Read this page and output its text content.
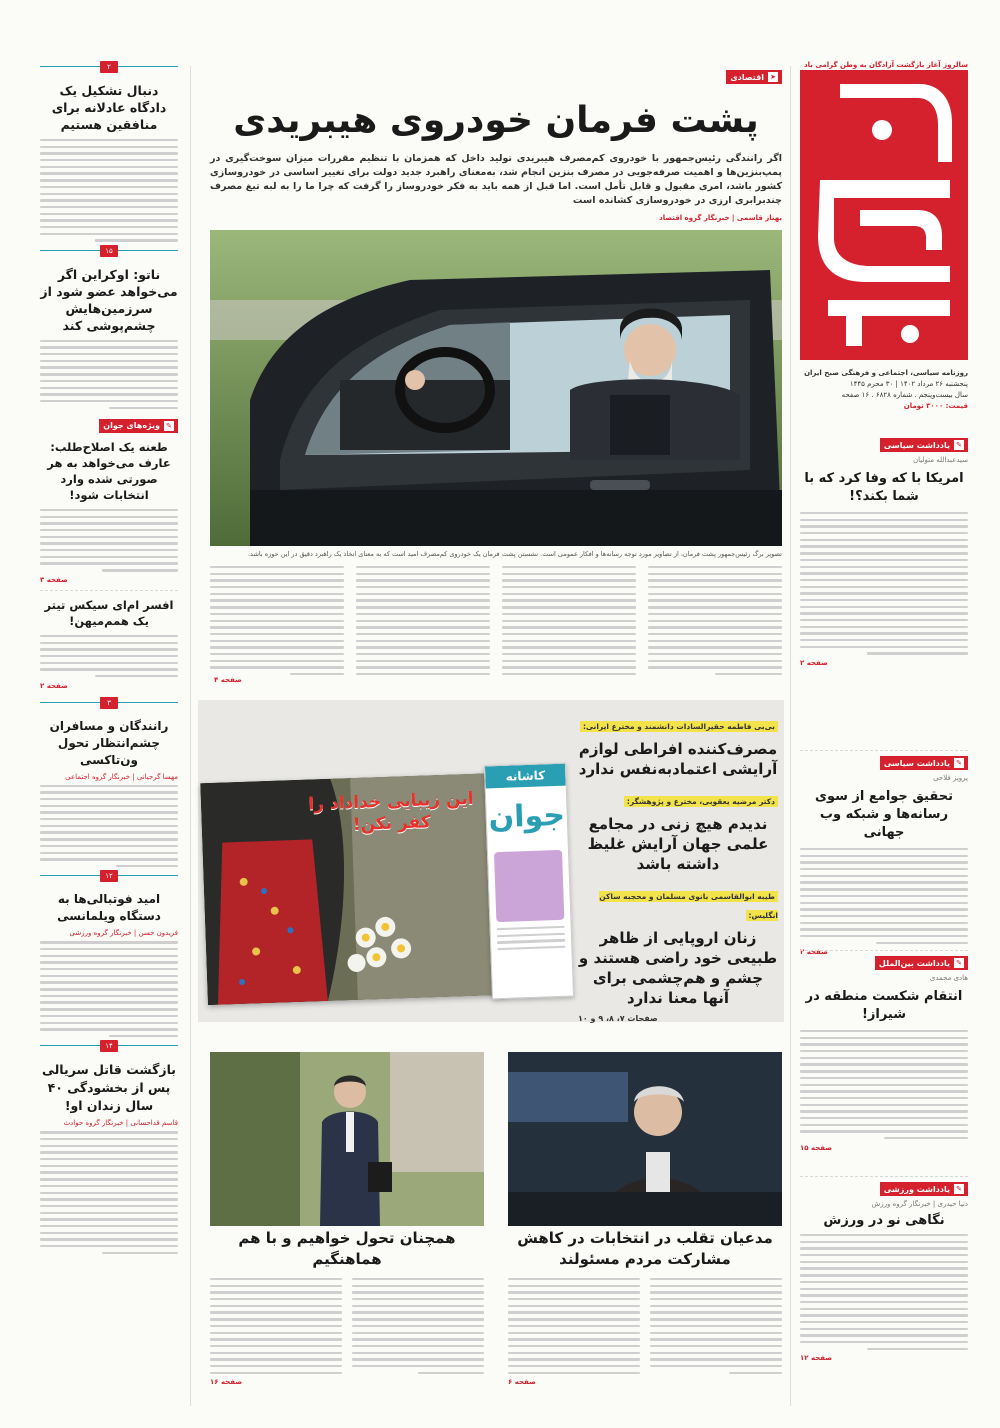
سالروز آغاز بازگشت آزادگان به وطن گرامی باد
روزنامه سیاسی، اجتماعی و فرهنگی صبح ایران
پنجشنبه ۲۶ مرداد ۱۴۰۲ | ۳۰ محرم ۱۴۴۵
سال بیست‌وپنجم . شماره ۶۸۲۸ . ۱۶ صفحه
قیمت: ۳۰۰۰ تومان
✎
یادداشت سیاسی
سیدعبدالله متولیان
امریکا با که وفا کرد که با شما بکند؟!
صفحه ۲
✎
یادداشت سیاسی
پرویز فلاحی
تحقیق جوامع از سوی رسانه‌ها و شبکه وب جهانی
صفحه ۲
✎
یادداشت بین‌الملل
هادی محمدی
انتقام شکست منطقه در شیراز!
صفحه ۱۵
✎
یادداشت ورزشی
دنیا حیدری | خبرنگار گروه ورزش
نگاهی نو در ورزش
صفحه ۱۲
➤
اقتصادی
پشت فرمان خودروی هیبریدی
اگر رانندگی رئیس‌جمهور با خودروی کم‌مصرف هیبریدی تولید داخل که همزمان با تنظیم مقررات میزان سوخت‌گیری در پمپ‌بنزین‌ها و اهمیت صرفه‌جویی در مصرف بنزین انجام شد، به‌معنای راهبرد جدید دولت برای تغییر اساسی در خودروسازی کشور باشد، امری مقبول و قابل تأمل است. اما قبل از همه باید به فکر خودروساز را گرفت که چرا ما را به لبه تیغ مصرف چندبرابری ارزی در خودروسازی کشانده است
بهناز قاسمی | خبرنگار گروه اقتصاد
تصویر برگ رئیس‌جمهور پشت فرمان، از تصاویر مورد توجه رسانه‌ها و افکار عمومی است. نشستن پشت فرمان یک خودروی کم‌مصرف امید است که به معنای اتخاذ یک راهبرد دقیق در این حوزه باشد.
صفحه ۴
این زیبایی خداداد را کفر نکن!
کاشانه
جوان
بی‌بی فاطمه حقیرالسادات دانشمند و مخترع ایرانی:
مصرف‌کننده افراطی لوازم آرایشی اعتماد‌به‌نفس ندارد
دکتر مرضیه یعقوبی، مخترع و پژوهشگر:
ندیدم هیچ زنی در مجامع علمی جهان آرایش غلیظ داشته باشد
طیبه ابوالقاسمی بانوی مسلمان و محجبه ساکن انگلیس:
زنان اروپایی از ظاهر طبیعی خود راضی هستند و چشم و هم‌چشمی برای آنها معنا ندارد
صفحات ۷، ۸، ۹ و ۱۰
مدعیان تقلب در انتخابات در کاهش مشارکت مردم مسئولند
صفحه ۶
همچنان تحول خواهیم و با هم هماهنگیم
صفحه ۱۶
۲
دنبال تشکیل یک دادگاه عادلانه برای منافقین هستیم
۱۵
ناتو: اوکراین اگر می‌خواهد عضو شود از سرزمین‌هایش چشم‌پوشی کند
✎
ویژه‌های جوان
طعنه یک اصلاح‌طلب: عارف می‌خواهد به هر صورتی شده وارد انتخابات شود!
صفحه ۳
افسر ام‌ای سیکس تیتر یک همم‌میهن!
صفحه ۲
۳
رانندگان و مسافران چشم‌انتظار تحول ون‌تاکسی
مهسا گرجیانی | خبرنگار گروه اجتماعی
۱۲
امید فوتبالی‌ها به دستگاه ویلمانسی
فریدون حسن | خبرنگار گروه ورزشی
۱۴
بازگشت قاتل سریالی پس از بخشودگی ۴۰ سال زندان او!
قاسم قداحسانی | خبرنگار گروه حوادث
